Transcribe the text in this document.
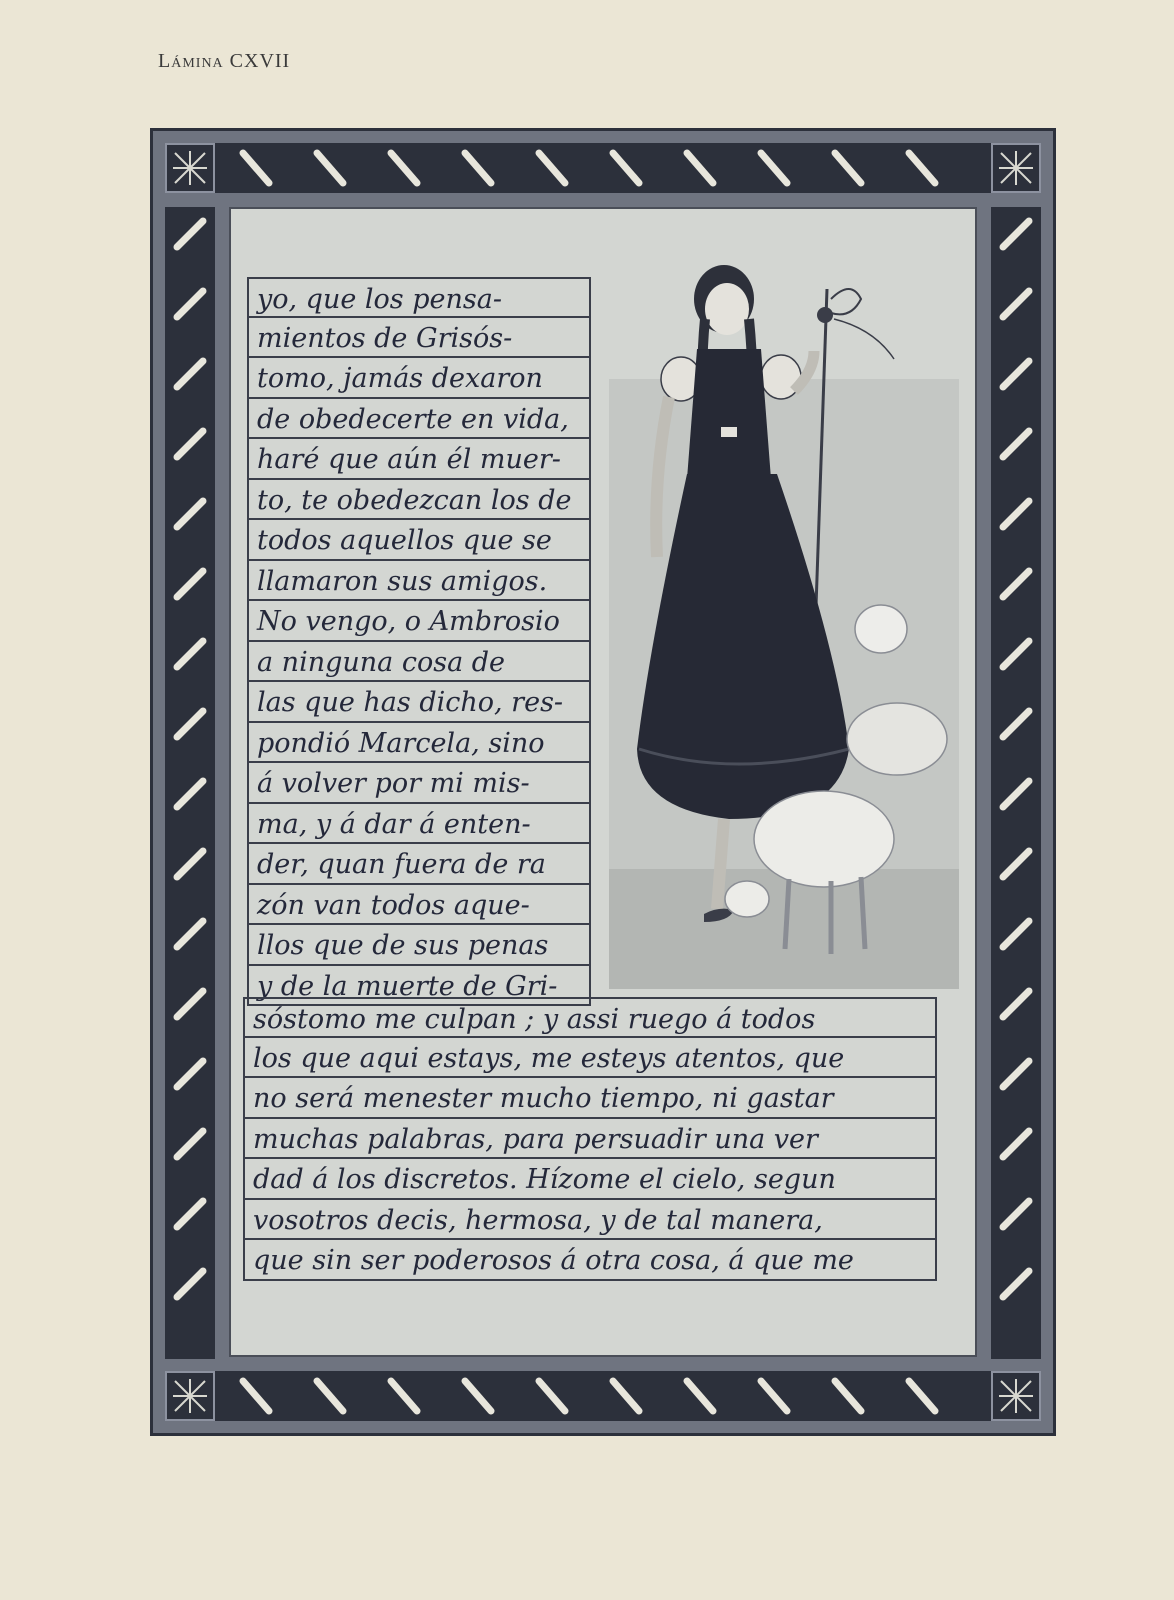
Lámina CXVII
yo, que los pensa-
mientos de Grisós-
tomo, jamás dexaron
de obedecerte en vida,
haré que aún él muer-
to, te obedezcan los de
todos aquellos que se
llamaron sus amigos.
No vengo, o Ambrosio
a ninguna cosa de
las que has dicho, res-
pondió Marcela, sino
á volver por mi mis-
ma, y á dar á enten-
der, quan fuera de ra
zón van todos aque-
llos que de sus penas
y de la muerte de Gri-
sóstomo me culpan ; y assi ruego á todos
los que aqui estays, me esteys atentos, que
no será menester mucho tiempo, ni gastar
muchas palabras, para persuadir una ver
dad á los discretos. Hízome el cielo, segun
vosotros decis, hermosa, y de tal manera,
que sin ser poderosos á otra cosa, á que me
